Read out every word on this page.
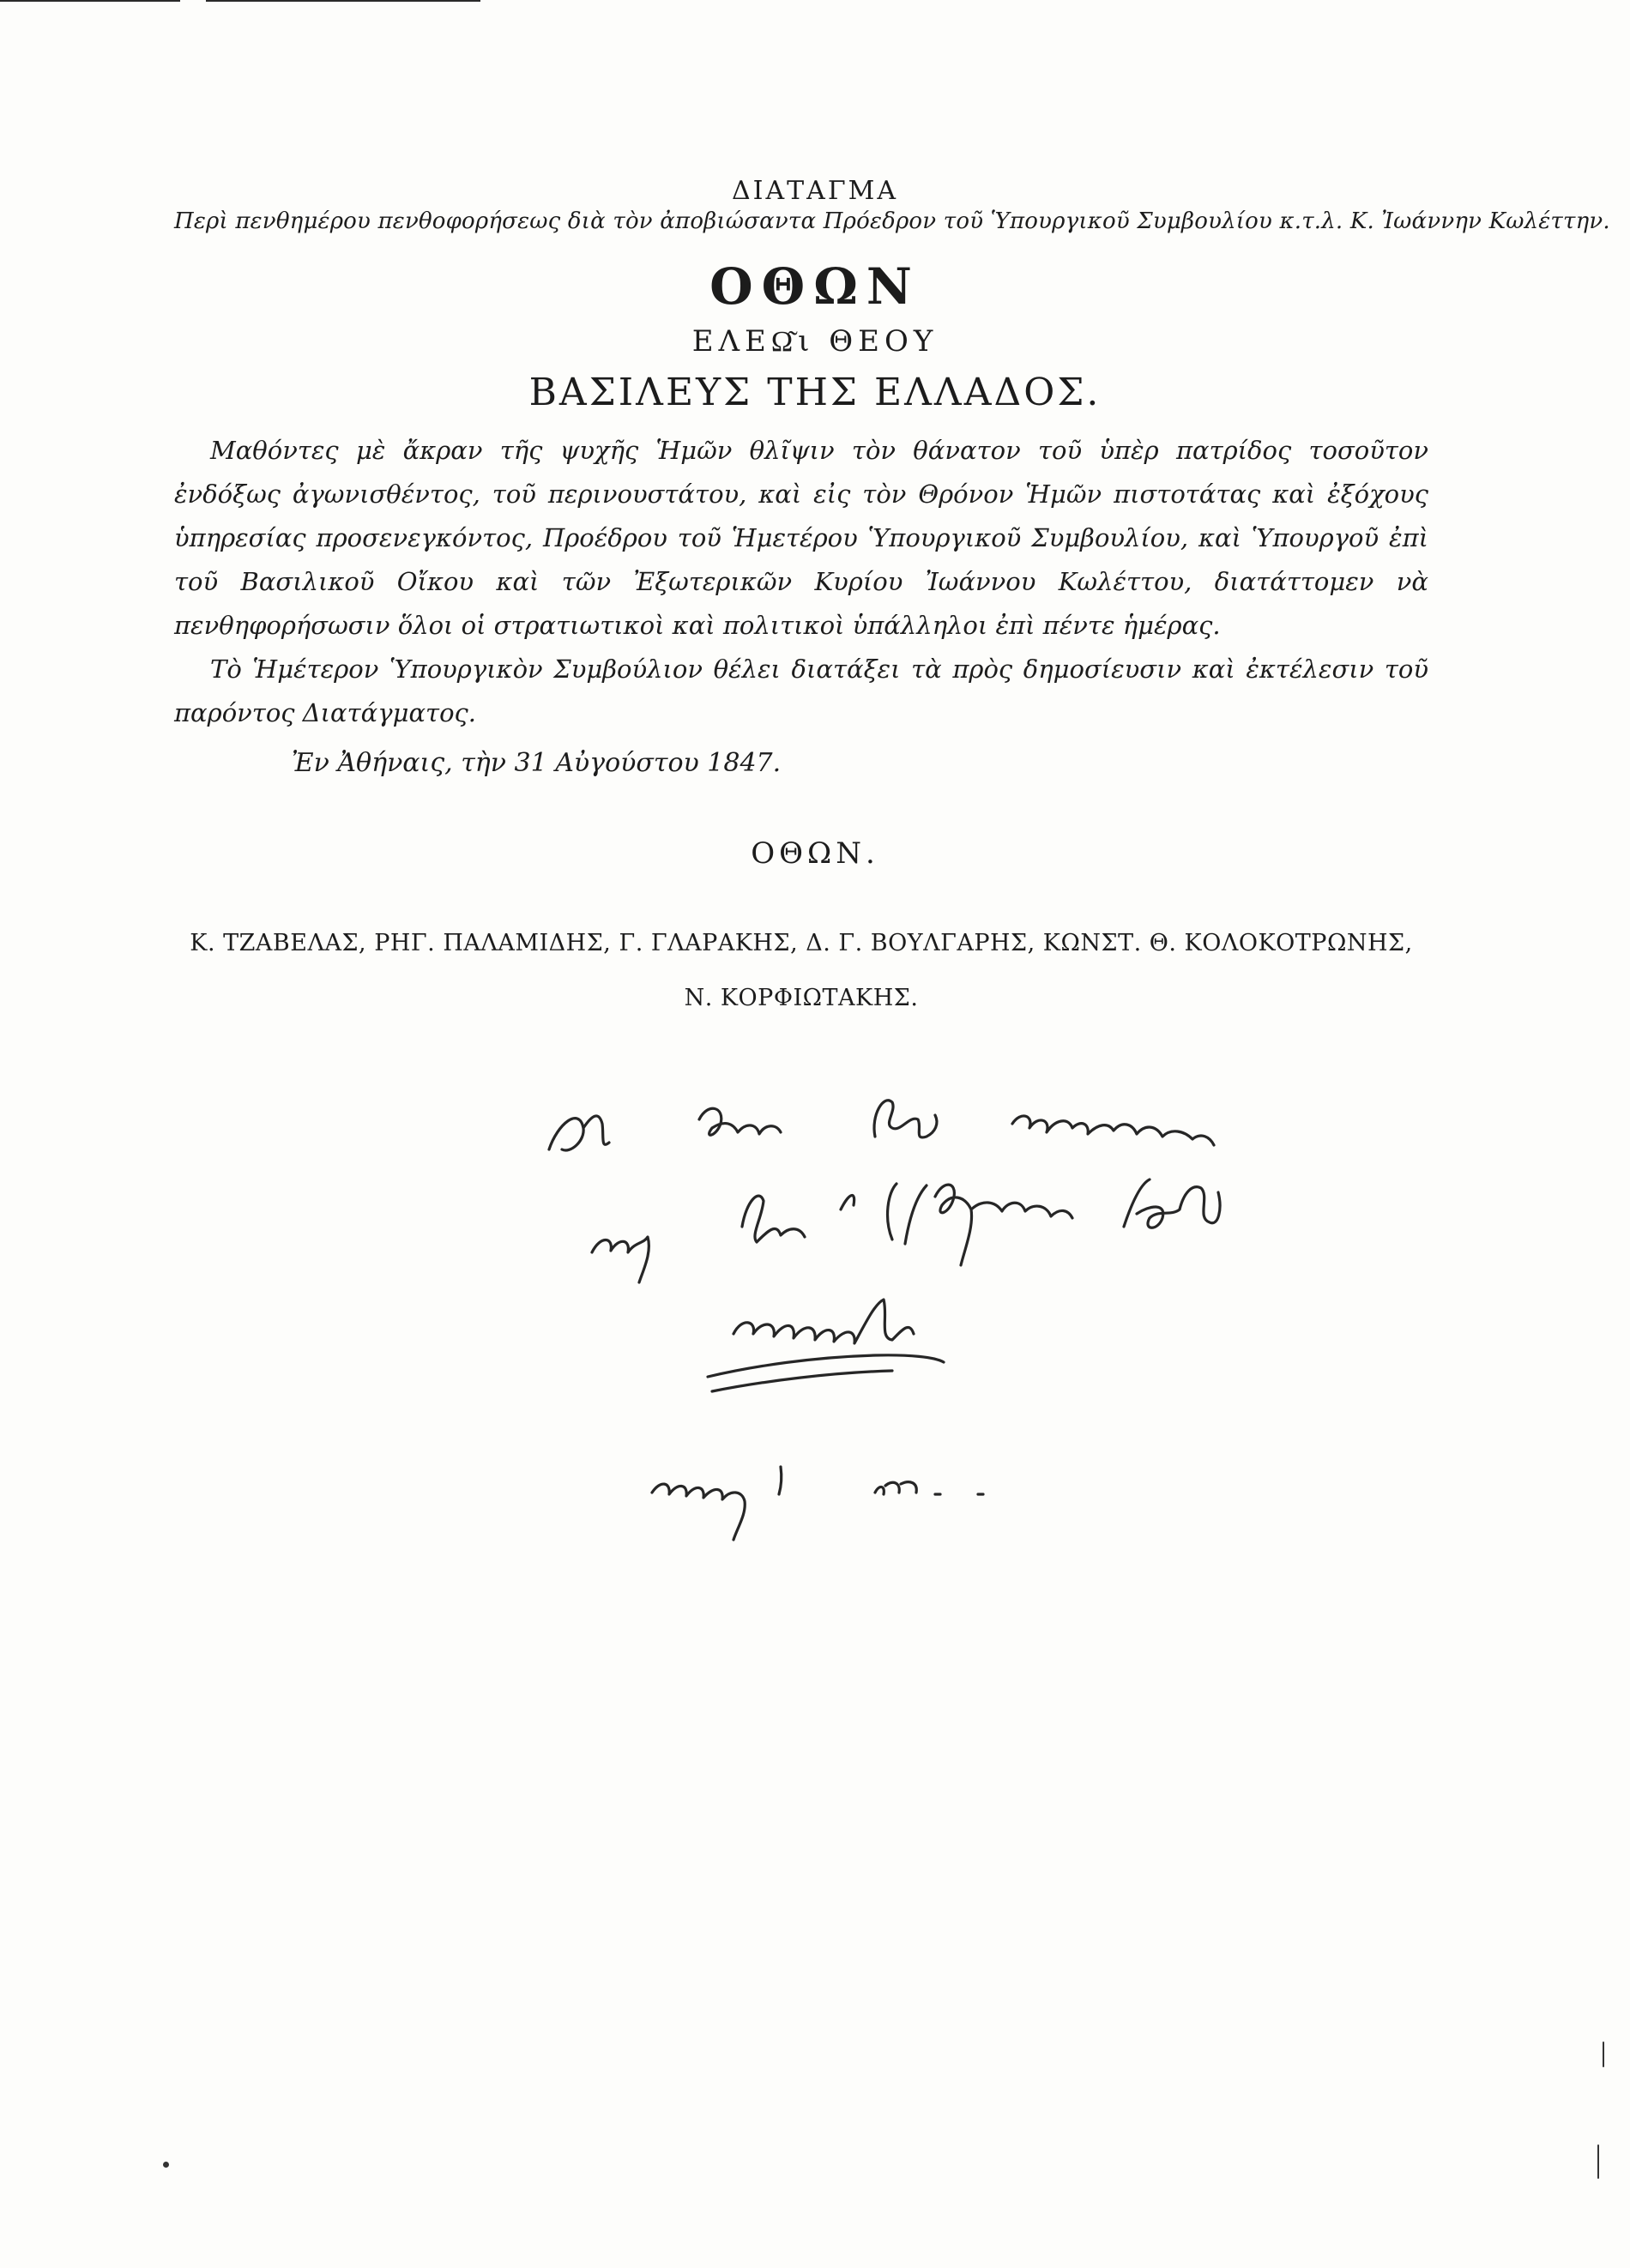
ΔΙΑΤΑΓΜΑ
Περὶ πενθημέρου πενθοφορήσεως διὰ τὸν ἀποβιώσαντα Πρόεδρον τοῦ Ὑπουργικοῦ Συμβουλίου κ.τ.λ. Κ. Ἰωάννην Κωλέττην.
ΟΘΩΝ
ΕΛΕΩ͂ι ΘΕΟΥ
ΒΑΣΙΛΕΥΣ ΤΗΣ ΕΛΛΑΔΟΣ.

Μαθόντες μὲ ἄκραν τῆς ψυχῆς Ἡμῶν θλῖψιν τὸν θάνατον τοῦ ὑπὲρ πατρίδος τοσοῦτον ἐνδόξως ἀγωνισθέντος, τοῦ περινουστάτου, καὶ εἰς τὸν Θρόνον Ἡμῶν πιστοτάτας καὶ ἐξόχους ὑπηρεσίας προσενεγκόντος, Προέδρου τοῦ Ἡμετέρου Ὑπουργικοῦ Συμβουλίου, καὶ Ὑπουργοῦ ἐπὶ τοῦ Βασιλικοῦ Οἴκου καὶ τῶν Ἐξωτερικῶν Κυρίου Ἰωάννου Κωλέττου, διατάττομεν νὰ πενθηφορήσωσιν ὅλοι οἱ στρατιωτικοὶ καὶ πολιτικοὶ ὑπάλληλοι ἐπὶ πέντε ἡμέρας.

Τὸ Ἡμέτερον Ὑπουργικὸν Συμβούλιον θέλει διατάξει τὰ πρὸς δημοσίευσιν καὶ ἐκτέλεσιν τοῦ παρόντος Διατάγματος.

Ἐν Ἀθήναις, τὴν 31 Αὐγούστου 1847.
ΟΘΩΝ.
Κ. ΤΖΑΒΕΛΑΣ, ΡΗΓ. ΠΑΛΑΜΙΔΗΣ, Γ. ΓΛΑΡΑΚΗΣ, Δ. Γ. ΒΟΥΛΓΑΡΗΣ, ΚΩΝΣΤ. Θ. ΚΟΛΟΚΟΤΡΩΝΗΣ,
Ν. ΚΟΡΦΙΩΤΑΚΗΣ.
